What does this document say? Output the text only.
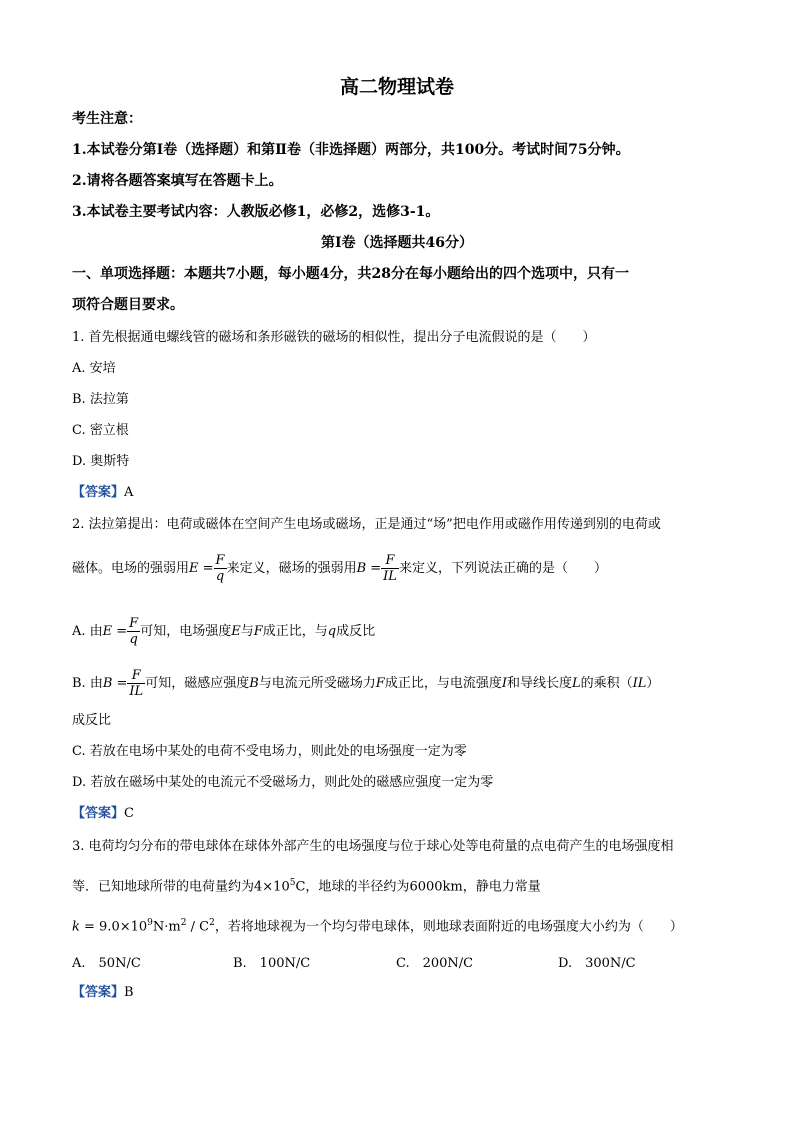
高二物理试卷
考生注意：
1.本试卷分第Ⅰ卷（选择题）和第Ⅱ卷（非选择题）两部分，共100分。考试时间75分钟。
2.请将各题答案填写在答题卡上。
3.本试卷主要考试内容：人教版必修1，必修2，选修3-1。
第Ⅰ卷（选择题共46分）
一、单项选择题：本题共7小题，每小题4分，共28分在每小题给出的四个选项中，只有一
项符合题目要求。
1. 首先根据通电螺线管的磁场和条形磁铁的磁场的相似性，提出分子电流假说的是（　　）
A. 安培
B. 法拉第
C. 密立根
D. 奥斯特
【答案】A
2. 法拉第提出：电荷或磁体在空间产生电场或磁场，正是通过“场”把电作用或磁作用传递到别的电荷或
磁体。电场的强弱用$E = \frac{F}{q}$ 来定义，磁场的强弱用$B = \frac{F}{IL}$ 来定义，下列说法正确的是（　　）
A. 由$E = \frac{F}{q}$ 可知，电场强度E与F成正比，与q成反比
B. 由$B = \frac{F}{IL}$ 可知，磁感应强度B与电流元所受磁场力F成正比，与电流强度I和导线长度L的乘积（IL）
成反比
C. 若放在电场中某处的电荷不受电场力，则此处的电场强度一定为零
D. 若放在磁场中某处的电流元不受磁场力，则此处的磁感应强度一定为零
【答案】C
3. 电荷均匀分布的带电球体在球体外部产生的电场强度与位于球心处等电荷量的点电荷产生的电场强度相
等．已知地球所带的电荷量约为$4\times 10^5C$，地球的半径约为6000km，静电力常量
$k = 9.0\times 10^9N\cdot m^2 / C^2$，若将地球视为一个均匀带电球体，则地球表面附近的电场强度大小约为（　　）
A.　50N/C	B.　100N/C	C.　200N/C	D.　300N/C
【答案】B
